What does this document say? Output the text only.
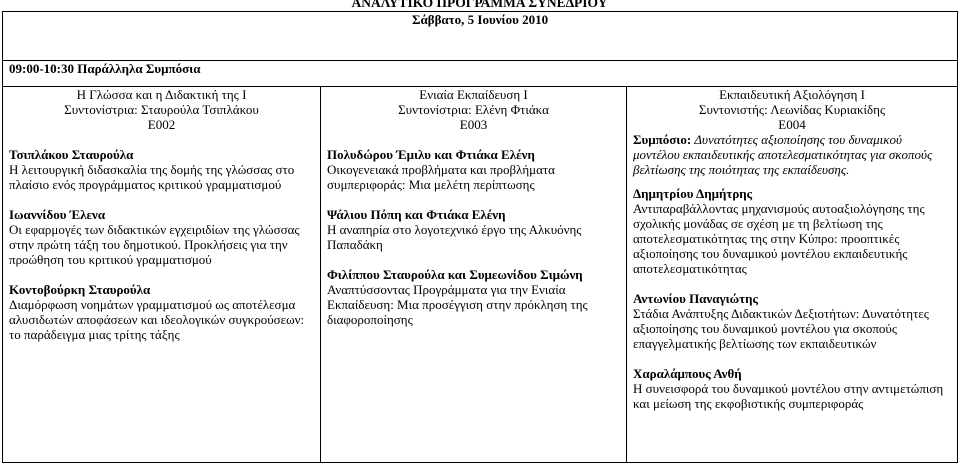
ΑΝΑΛΥΤΙΚΟ ΠΡΟΓΡΑΜΜΑ ΣΥΝΕΔΡΙΟΥ
Σάββατο, 5 Ιουνίου 2010
09:00-10:30 Παράλληλα Συμπόσια

Η Γλώσσα και η Διδακτική της Ι
Συντονίστρια: Σταυρούλα Τσιπλάκου
Ε002
Τσιπλάκου Σταυρούλα
Η λειτουργική διδασκαλία της δομής της γλώσσας στο πλαίσιο ενός προγράμματος κριτικού γραμματισμού
Ιωαννίδου Έλενα
Οι εφαρμογές των διδακτικών εγχειριδίων της γλώσσας στην πρώτη τάξη του δημοτικού. Προκλήσεις για την προώθηση του κριτικού γραμματισμού
Κοντοβούρκη Σταυρούλα
Διαμόρφωση νοημάτων γραμματισμού ως αποτέλεσμα αλυσιδωτών αποφάσεων και ιδεολογικών συγκρούσεων: το παράδειγμα μιας τρίτης τάξης

Ενιαία Εκπαίδευση Ι
Συντονίστρια: Ελένη Φτιάκα
Ε003
Πολυδώρου Έμιλυ και Φτιάκα Ελένη
Οικογενειακά προβλήματα και προβλήματα συμπεριφοράς: Μια μελέτη περίπτωσης
Ψάλιου Πόπη και Φτιάκα Ελένη
Η αναπηρία στο λογοτεχνικό έργο της Αλκυόνης Παπαδάκη
Φιλίππου Σταυρούλα και Συμεωνίδου Σιμώνη
Αναπτύσσοντας Προγράμματα για την Ενιαία Εκπαίδευση: Μια προσέγγιση στην πρόκληση της διαφοροποίησης

Εκπαιδευτική Αξιολόγηση Ι
Συντονιστής: Λεωνίδας Κυριακίδης
Ε004
Συμπόσιο: Δυνατότητες αξιοποίησης του δυναμικού μοντέλου εκπαιδευτικής αποτελεσματικότητας για σκοπούς βελτίωσης της ποιότητας της εκπαίδευσης.
Δημητρίου Δημήτρης
Αντιπαραβάλλοντας μηχανισμούς αυτοαξιολόγησης της σχολικής μονάδας σε σχέση με τη βελτίωση της αποτελεσματικότητας της στην Κύπρο: προοπτικές αξιοποίησης του δυναμικού μοντέλου εκπαιδευτικής αποτελεσματικότητας
Αντωνίου Παναγιώτης
Στάδια Ανάπτυξης Διδακτικών Δεξιοτήτων: Δυνατότητες αξιοποίησης του δυναμικού μοντέλου για σκοπούς επαγγελματικής βελτίωσης των εκπαιδευτικών
Χαραλάμπους Ανθή
Η συνεισφορά του δυναμικού μοντέλου στην αντιμετώπιση και μείωση της εκφοβιστικής συμπεριφοράς
